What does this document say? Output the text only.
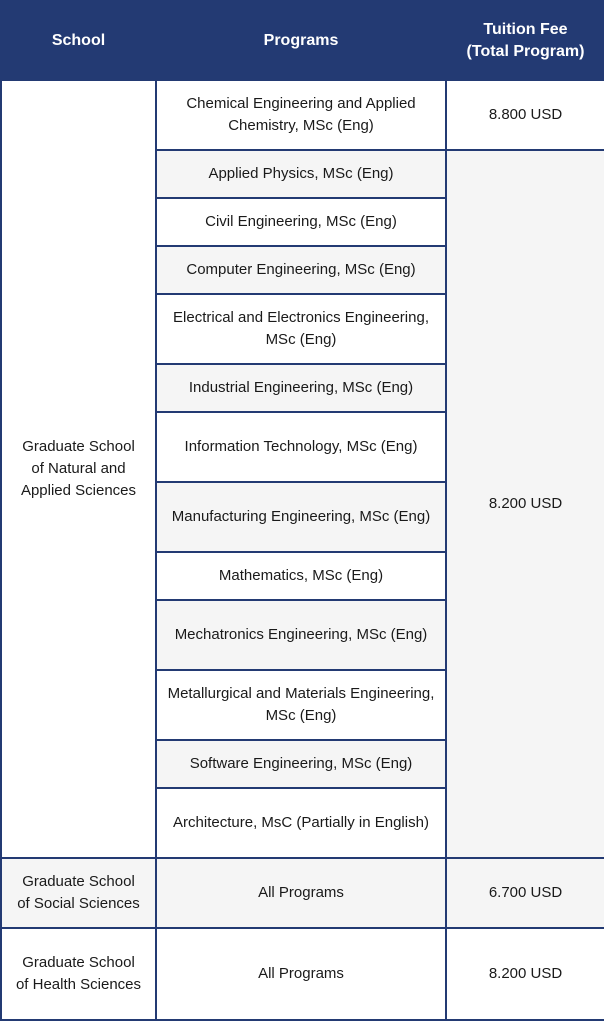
School	Programs	Tuition Fee
(Total Program)
Graduate School of Natural and Applied Sciences	Chemical Engineering and Applied Chemistry, MSc (Eng)	8.800 USD
	Applied Physics, MSc (Eng)	8.200 USD
	Civil Engineering, MSc (Eng)	
	Computer Engineering, MSc (Eng)	
	Electrical and Electronics Engineering, MSc (Eng)	
	Industrial Engineering, MSc (Eng)	
	Information Technology, MSc (Eng)	
	Manufacturing Engineering, MSc (Eng)	
	Mathematics, MSc (Eng)	
	Mechatronics Engineering, MSc (Eng)	
	Metallurgical and Materials Engineering, MSc (Eng)	
	Software Engineering, MSc (Eng)	
	Architecture, MsC (Partially in English)	
Graduate School of Social Sciences	All Programs	6.700 USD
Graduate School of Health Sciences	All Programs	8.200 USD
